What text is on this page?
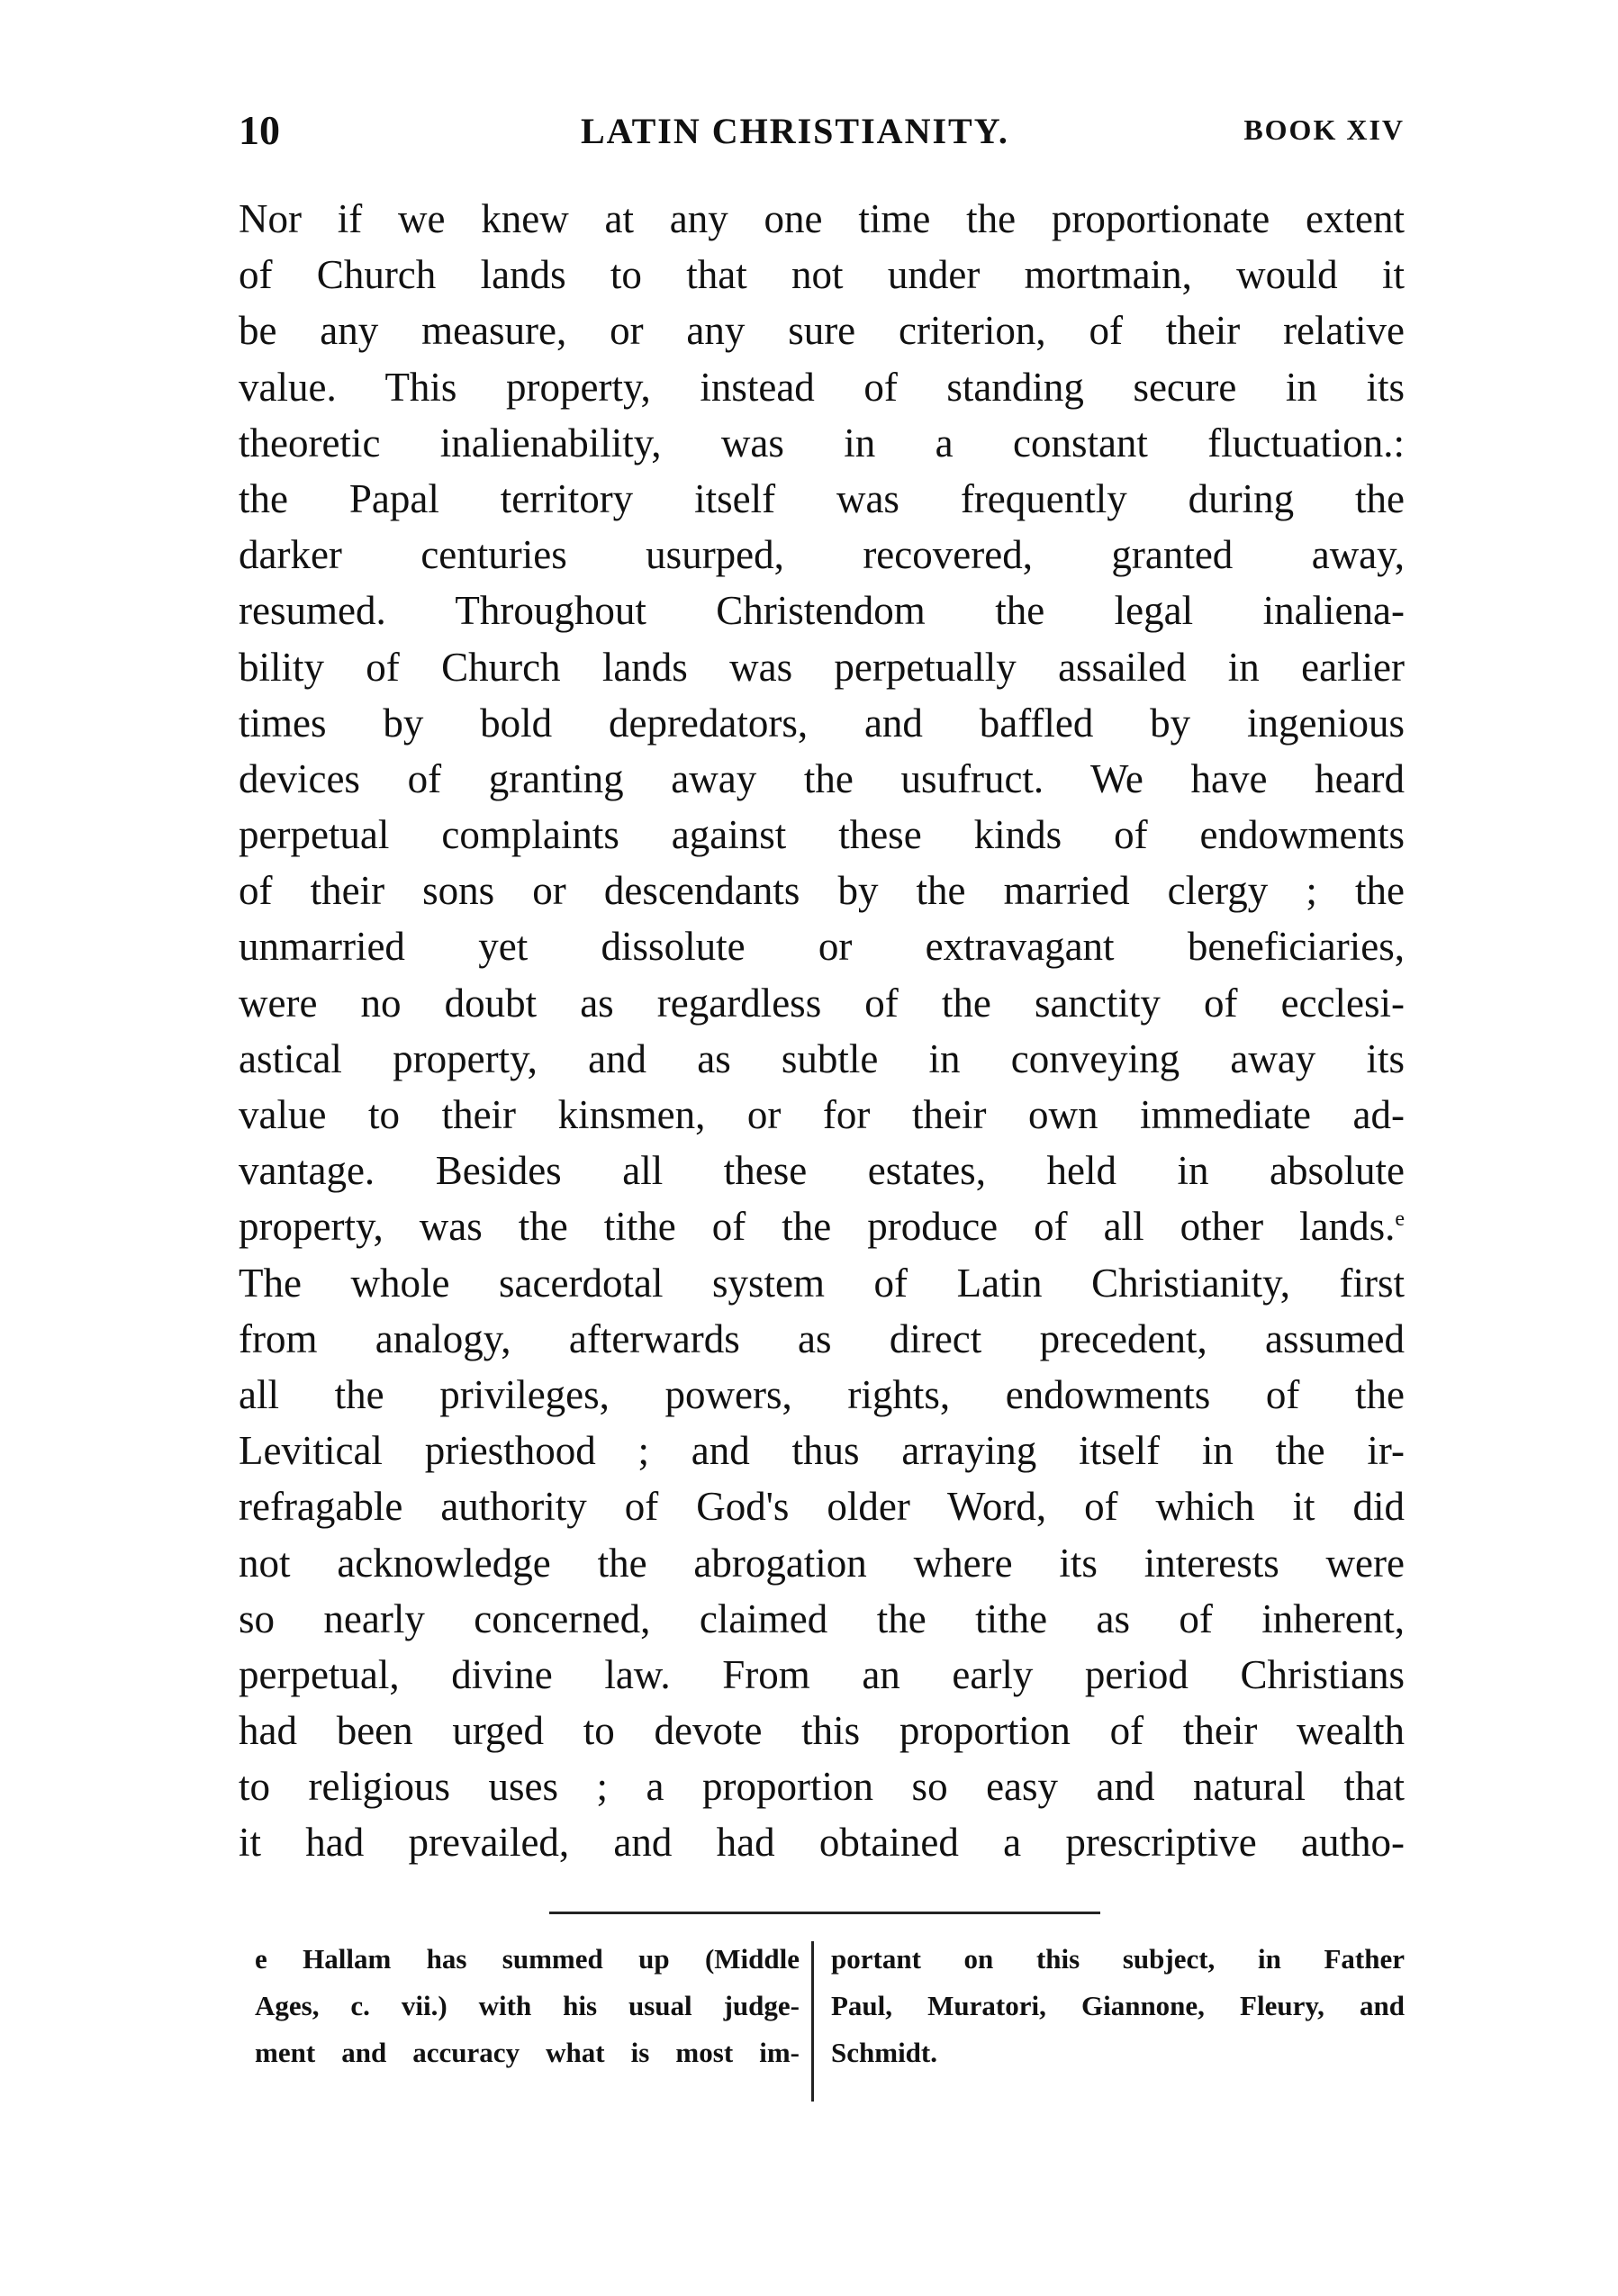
10	LATIN CHRISTIANITY.	BOOK XIV
Nor if we knew at any one time the proportionate extent
of Church lands to that not under mortmain, would it
be any measure, or any sure criterion, of their relative
value. This property, instead of standing secure in its
theoretic inalienability, was in a constant fluctuation.:
the Papal territory itself was frequently during the
darker centuries usurped, recovered, granted away,
resumed. Throughout Christendom the legal inaliena-
bility of Church lands was perpetually assailed in earlier
times by bold depredators, and baffled by ingenious
devices of granting away the usufruct. We have heard
perpetual complaints against these kinds of endowments
of their sons or descendants by the married clergy ; the
unmarried yet dissolute or extravagant beneficiaries,
were no doubt as regardless of the sanctity of ecclesi-
astical property, and as subtle in conveying away its
value to their kinsmen, or for their own immediate ad-
vantage. Besides all these estates, held in absolute
property, was the tithe of the produce of all other lands.$^e$
The whole sacerdotal system of Latin Christianity, first
from analogy, afterwards as direct precedent, assumed
all the privileges, powers, rights, endowments of the
Levitical priesthood ; and thus arraying itself in the ir-
refragable authority of God's older Word, of which it did
not acknowledge the abrogation where its interests were
so nearly concerned, claimed the tithe as of inherent,
perpetual, divine law. From an early period Christians
had been urged to devote this proportion of their wealth
to religious uses ; a proportion so easy and natural that
it had prevailed, and had obtained a prescriptive autho-
e Hallam has summed up (Middle
Ages, c. vii.) with his usual judge-
ment and accuracy what is most im-
portant on this subject, in Father
Paul, Muratori, Giannone, Fleury, and
Schmidt.
